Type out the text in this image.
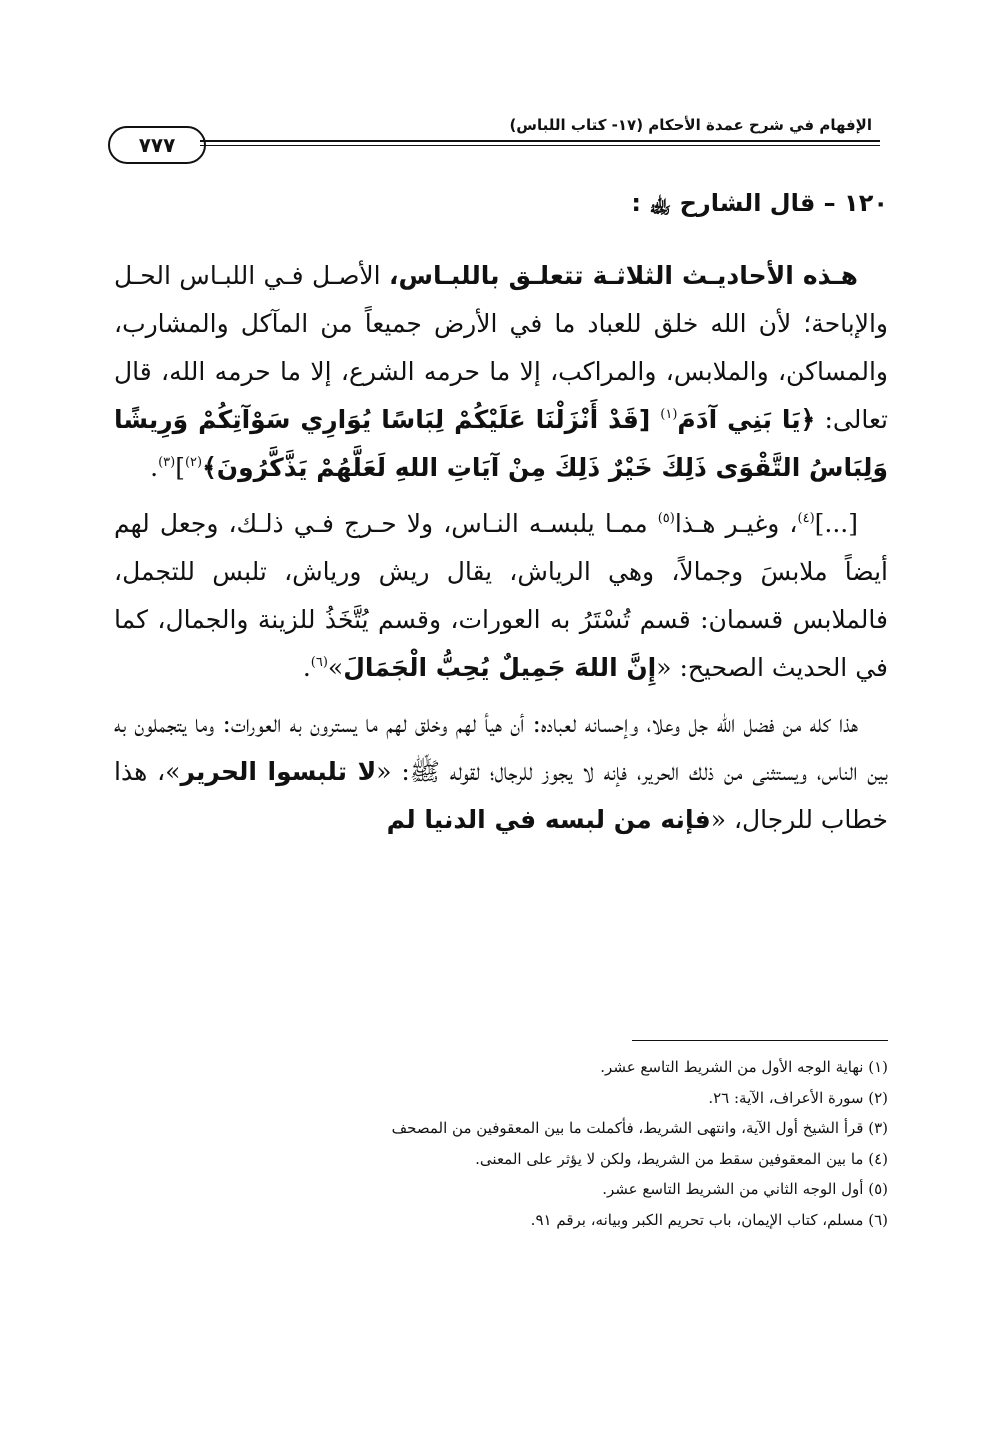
٧٧٧
الإفهام في شرح عمدة الأحكام (١٧- كتاب اللباس)
١٢٠ – قال الشارح ﵀ :

هـذه الأحاديـث الثلاثـة تتعلـق باللبـاس، الأصـل فـي اللبـاس الحـل والإباحة؛ لأن الله خلق للعباد ما في الأرض جميعاً من المآكل والمشارب، والمساكن، والملابس، والمراكب، إلا ما حرمه الشرع، إلا ما حرمه الله، قال تعالى: ﴿يَا بَنِي آدَمَ$^{(١)}$ [قَدْ أَنْزَلْنَا عَلَيْكُمْ لِبَاسًا يُوَارِي سَوْآتِكُمْ وَرِيشًا وَلِبَاسُ التَّقْوَى ذَلِكَ خَيْرٌ ذَلِكَ مِنْ آيَاتِ اللهِ لَعَلَّهُمْ يَذَّكَّرُونَ﴾$^{(٢)}$]$^{(٣)}$.

[...]$^{(٤)}$، وغيـر هـذا$^{(٥)}$ ممـا يلبسـه النـاس، ولا حـرج فـي ذلـك، وجعل لهم أيضاً ملابسَ وجمالاً، وهي الرياش، يقال ريش ورياش، تلبس للتجمل، فالملابس قسمان: قسم تُسْتَرُ به العورات، وقسم يُتَّخَذُ للزينة والجمال، كما في الحديث الصحيح: «إِنَّ اللهَ جَمِيلٌ يُحِبُّ الْجَمَالَ»$^{(٦)}$.

هذا كله من فضل الله جل وعلا، وإحسانه لعباده: أن هيأ لهم وخلق لهم ما يسترون به العورات: وما يتجملون به بين الناس، ويستثنى من ذلك الحرير، فإنه لا يجوز للرجال؛ لقوله ﷺ: «لا تلبسوا الحرير»، هذا خطاب للرجال، «فإنه من لبسه في الدنيا لم

(١) نهاية الوجه الأول من الشريط التاسع عشر.
(٢) سورة الأعراف، الآية: ٢٦.
(٣) قرأ الشيخ أول الآية، وانتهى الشريط، فأكملت ما بين المعقوفين من المصحف
(٤) ما بين المعقوفين سقط من الشريط، ولكن لا يؤثر على المعنى.
(٥) أول الوجه الثاني من الشريط التاسع عشر.
(٦) مسلم، كتاب الإيمان، باب تحريم الكبر وبيانه، برقم ٩١.
